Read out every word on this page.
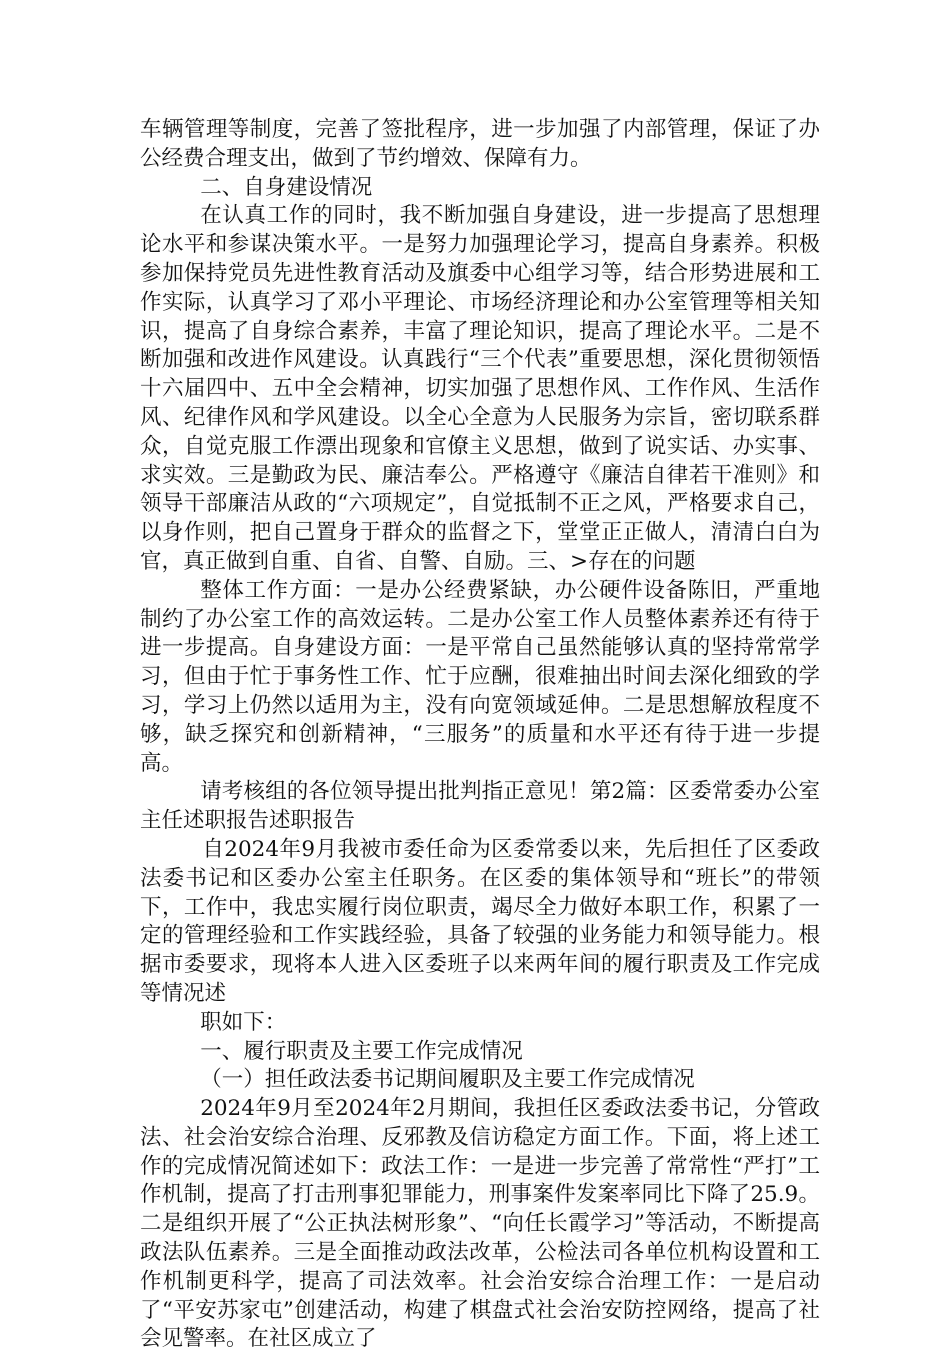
车辆管理等制度，完善了签批程序，进一步加强了内部管理，保证了办公经费合理支出，做到了节约增效、保障有力。

二、自身建设情况

在认真工作的同时，我不断加强自身建设，进一步提高了思想理论水平和参谋决策水平。一是努力加强理论学习，提高自身素养。积极参加保持党员先进性教育活动及旗委中心组学习等，结合形势进展和工作实际，认真学习了邓小平理论、市场经济理论和办公室管理等相关知识，提高了自身综合素养，丰富了理论知识，提高了理论水平。二是不断加强和改进作风建设。认真践行“三个代表”重要思想，深化贯彻领悟十六届四中、五中全会精神，切实加强了思想作风、工作作风、生活作风、纪律作风和学风建设。以全心全意为人民服务为宗旨，密切联系群众，自觉克服工作漂出现象和官僚主义思想，做到了说实话、办实事、求实效。三是勤政为民、廉洁奉公。严格遵守《廉洁自律若干准则》和领导干部廉洁从政的“六项规定”，自觉抵制不正之风，严格要求自己，以身作则，把自己置身于群众的监督之下，堂堂正正做人，清清白白为官，真正做到自重、自省、自警、自励。三、>存在的问题

整体工作方面：一是办公经费紧缺，办公硬件设备陈旧，严重地制约了办公室工作的高效运转。二是办公室工作人员整体素养还有待于进一步提高。自身建设方面：一是平常自己虽然能够认真的坚持常常学习，但由于忙于事务性工作、忙于应酬，很难抽出时间去深化细致的学习，学习上仍然以适用为主，没有向宽领域延伸。二是思想解放程度不够，缺乏探究和创新精神，“三服务”的质量和水平还有待于进一步提高。

请考核组的各位领导提出批判指正意见！第2篇：区委常委办公室主任述职报告述职报告

自2024年9月我被市委任命为区委常委以来，先后担任了区委政法委书记和区委办公室主任职务。在区委的集体领导和“班长”的带领下，工作中，我忠实履行岗位职责，竭尽全力做好本职工作，积累了一定的管理经验和工作实践经验，具备了较强的业务能力和领导能力。根据市委要求，现将本人进入区委班子以来两年间的履行职责及工作完成等情况述

职如下：

一、履行职责及主要工作完成情况

（一）担任政法委书记期间履职及主要工作完成情况

2024年9月至2024年2月期间，我担任区委政法委书记，分管政法、社会治安综合治理、反邪教及信访稳定方面工作。下面，将上述工作的完成情况简述如下：政法工作：一是进一步完善了常常性“严打”工作机制，提高了打击刑事犯罪能力，刑事案件发案率同比下降了25.9。二是组织开展了“公正执法树形象”、“向任长霞学习”等活动，不断提高政法队伍素养。三是全面推动政法改革，公检法司各单位机构设置和工作机制更科学，提高了司法效率。社会治安综合治理工作：一是启动了“平安苏家屯”创建活动，构建了棋盘式社会治安防控网络，提高了社会见警率。在社区成立了
